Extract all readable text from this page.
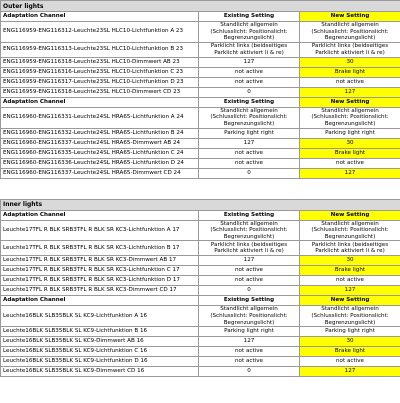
Outer lights		
Adaptation Channel	Existing Setting	New Setting
ENG116959-ENG116312-Leuchte23SL HLC10-Lichtfunktion A 23	Standlicht allgemein (Schlusslicht: Positionslicht: Begrenzungslicht)	Standlicht allgemein (Schlusslicht: Positionslicht: Begrenzungslicht)
ENG116959-ENG116313-Leuchte23SL HLC10-Lichtfunktion B 23	Parklicht links (beidseitiges Parklicht aktiviert li & re)	Parklicht links (beidseitiges Parklicht aktiviert li & re)
ENG116959-ENG116318-Leuchte23SL HLC10-Dimmwert AB 23	127	30
ENG116959-ENG116316-Leuchte23SL HLC10-Lichtfunktion C 23	not active	Brake light
ENG116959-ENG116317-Leuchte23SL HLC10-Lichtfunktion D 23	not active	not active
ENG116959-ENG116318-Leuchte23SL HLC10-Dimmwert CD 23	0	127
Adaptation Channel	Existing Setting	New Setting
ENG116960-ENG116331-Leuchte24SL HRA65-Lichtfunktion A 24	Standlicht allgemein (Schlusslicht: Positionslicht: Begrenzungslicht)	Standlicht allgemein (Schlusslicht: Positionslicht: Begrenzungslicht)
ENG116960-ENG116332-Leuchte24SL HRA65-Lichtfunktion B 24	Parking light right	Parking light right
ENG116960-ENG116337-Leuchte24SL HRA65-Dimmwert AB 24	127	30
ENG116960-ENG116335-Leuchte24SL HRA65-Lichtfunktion C 24	not active	Brake light
ENG116960-ENG116336-Leuchte24SL HRA65-Lichtfunktion D 24	not active	not active
ENG116960-ENG116337-Leuchte24SL HRA65-Dimmwert CD 24	0	127
Inner lights		
Adaptation Channel	Existing Setting	New Setting
Leuchte17TFL R BLK SRB3TFL R BLK SR KC3-Lichtfunktion A 17	Standlicht allgemein (Schlusslicht: Positionslicht: Begrenzungslicht)	Standlicht allgemein (Schlusslicht: Positionslicht: Begrenzungslicht)
Leuchte17TFL R BLK SRB3TFL R BLK SR KC3-Lichtfunktion B 17	Parklicht links (beidseitiges Parklicht aktiviert li & re)	Parklicht links (beidseitiges Parklicht aktiviert li & re)
Leuchte17TFL R BLK SRB3TFL R BLK SR KC3-Dimmwert AB 17	127	30
Leuchte17TFL R BLK SRB3TFL R BLK SR KC3-Lichtfunktion C 17	not active	Brake light
Leuchte17TFL R BLK SRB3TFL R BLK SR KC3-Lichtfunktion D 17	not active	not active
Leuchte17TFL R BLK SRB3TFL R BLK SR KC3-Dimmwert CD 17	0	127
Adaptation Channel	Existing Setting	New Setting
Leuchte16BLK SLB35BLK SL KC9-Lichtfunktion A 16	Standlicht allgemein (Schlusslicht: Positionslicht: Begrenzungslicht)	Standlicht allgemein (Schlusslicht: Positionslicht: Begrenzungslicht)
Leuchte16BLK SLB35BLK SL KC9-Lichtfunktion B 16	Parking light right	Parking light right
Leuchte16BLK SLB35BLK SL KC9-Dimmwert AB 16	127	30
Leuchte16BLK SLB35BLK SL KC9-Lichtfunktion C 16	not active	Brake light
Leuchte16BLK SLB35BLK SL KC9-Lichtfunktion D 16	not active	not active
Leuchte16BLK SLB35BLK SL KC9-Dimmwert CD 16	0	127
